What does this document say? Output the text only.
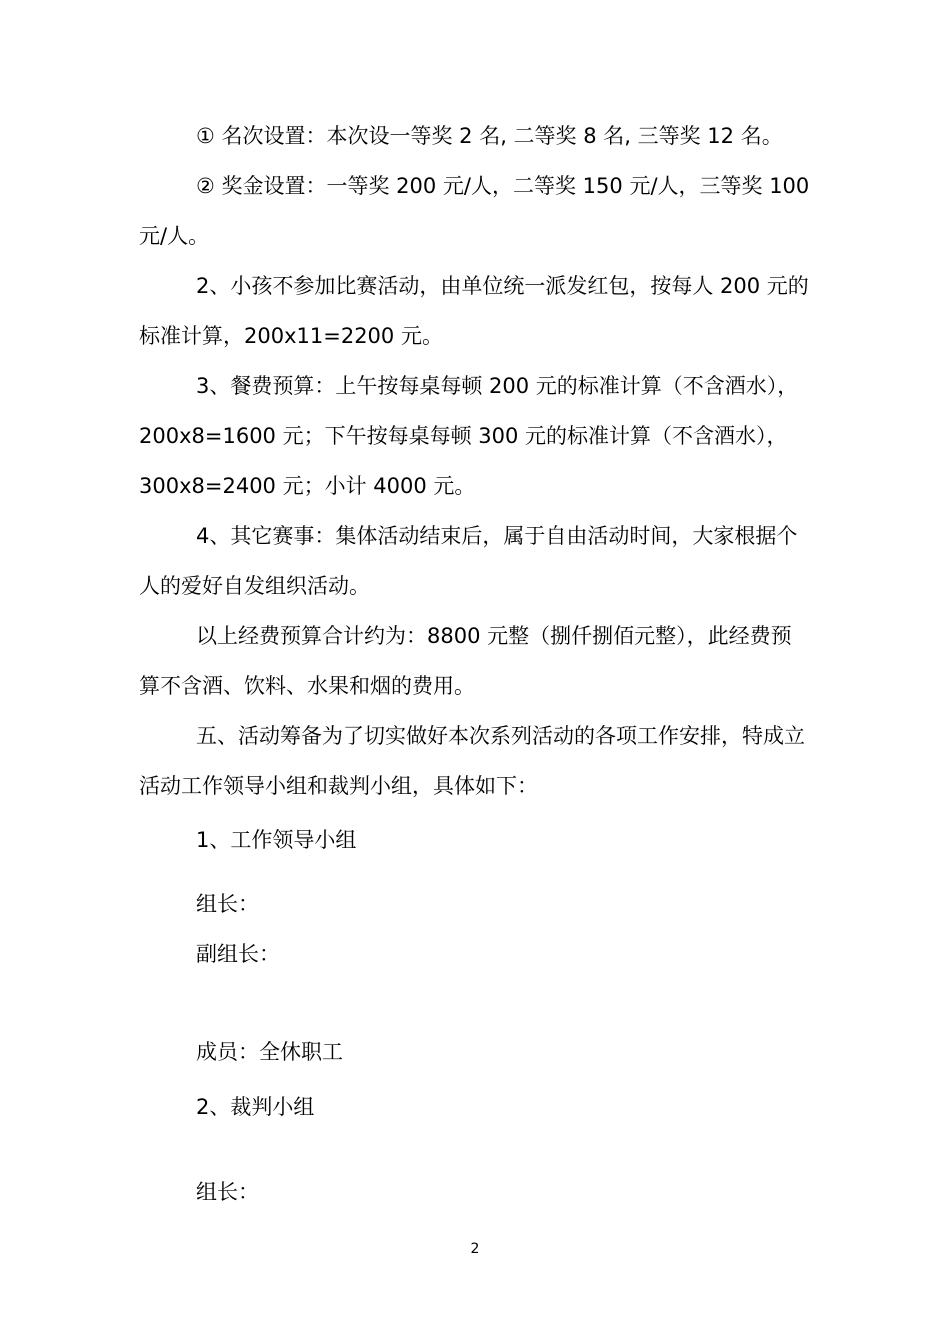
① 名次设置：本次设一等奖 2 名, 二等奖 8 名, 三等奖 12 名。
② 奖金设置：一等奖 200 元/人，二等奖 150 元/人，三等奖 100
元/人。
2、小孩不参加比赛活动，由单位统一派发红包，按每人 200 元的
标准计算，200x11=2200 元。
3、餐费预算：上午按每桌每顿 200 元的标准计算（不含酒水），
200x8=1600 元；下午按每桌每顿 300 元的标准计算（不含酒水），
300x8=2400 元；小计 4000 元。
4、其它赛事：集体活动结束后，属于自由活动时间，大家根据个
人的爱好自发组织活动。
以上经费预算合计约为：8800 元整（捌仟捌佰元整），此经费预
算不含酒、饮料、水果和烟的费用。
五、活动筹备为了切实做好本次系列活动的各项工作安排，特成立
活动工作领导小组和裁判小组，具体如下：
1、工作领导小组
组长：
副组长：
成员：全休职工
2、裁判小组
组长：
2
